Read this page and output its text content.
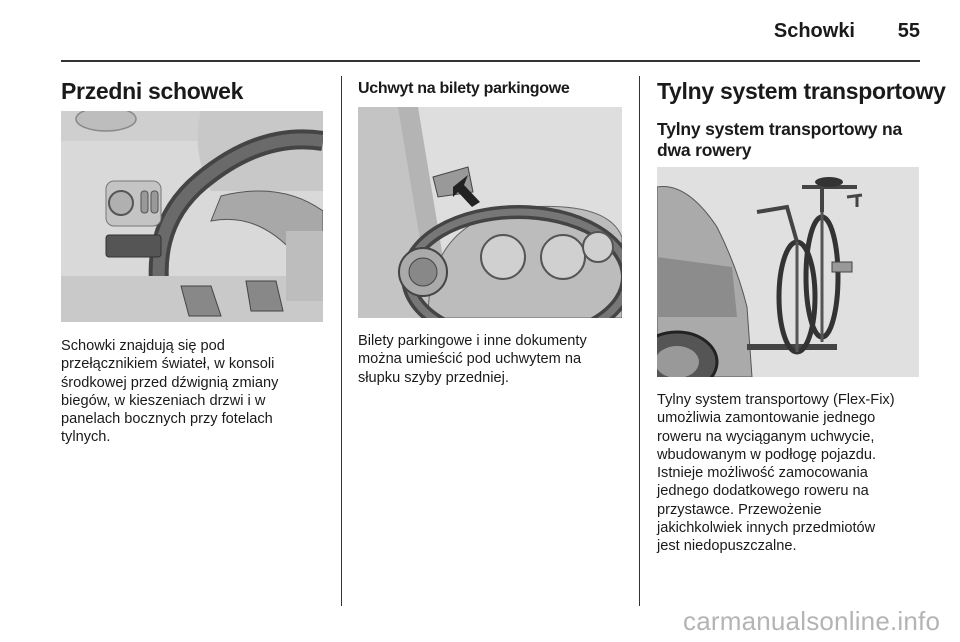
Schowki	55
Przedni schowek
Schowki znajdują się pod
przełącznikiem świateł, w konsoli
środkowej przed dźwignią zmiany
biegów, w kieszeniach drzwi i w
panelach bocznych przy fotelach
tylnych.
Uchwyt na bilety parkingowe
Bilety parkingowe i inne dokumenty
można umieścić pod uchwytem na
słupku szyby przedniej.
Tylny system transportowy
Tylny system transportowy na
dwa rowery
Tylny system transportowy (Flex-Fix)
umożliwia zamontowanie jednego
roweru na wyciąganym uchwycie,
wbudowanym w podłogę pojazdu.
Istnieje możliwość zamocowania
jednego dodatkowego roweru na
przystawce. Przewożenie
jakichkolwiek innych przedmiotów
jest niedopuszczalne.
carmanualsonline.info
